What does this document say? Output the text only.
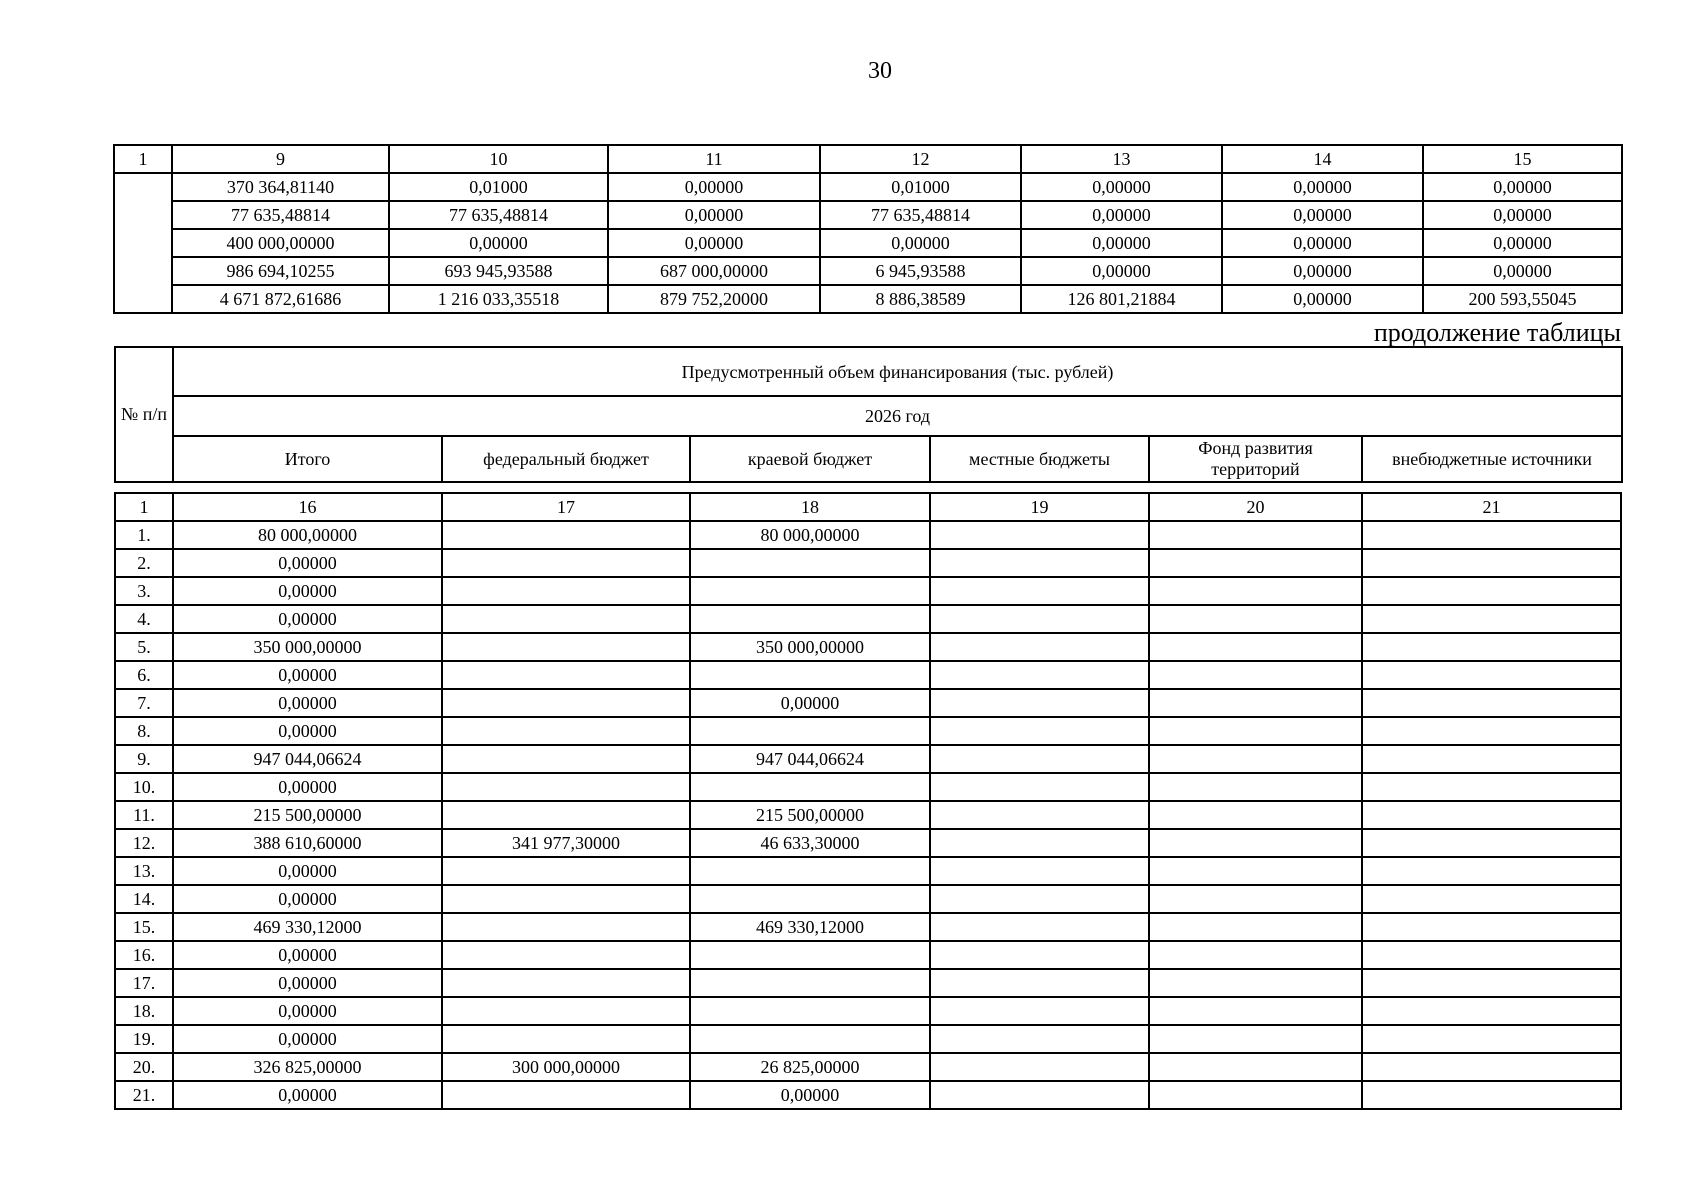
30
1	9	10	11	12	13	14	15
	370 364,81140	0,01000	0,00000	0,01000	0,00000	0,00000	0,00000
	77 635,48814	77 635,48814	0,00000	77 635,48814	0,00000	0,00000	0,00000
	400 000,00000	0,00000	0,00000	0,00000	0,00000	0,00000	0,00000
	986 694,10255	693 945,93588	687 000,00000	6 945,93588	0,00000	0,00000	0,00000
	4 671 872,61686	1 216 033,35518	879 752,20000	8 886,38589	126 801,21884	0,00000	200 593,55045
продолжение таблицы
№ п/п	Предусмотренный объем финансирования (тыс. рублей)					
	2026 год					
	Итого	федеральный бюджет	краевой бюджет	местные бюджеты	Фонд развития территорий	внебюджетные источники
1	16	17	18	19	20	21
1.	80 000,00000		80 000,00000			
2.	0,00000					
3.	0,00000					
4.	0,00000					
5.	350 000,00000		350 000,00000			
6.	0,00000					
7.	0,00000		0,00000			
8.	0,00000					
9.	947 044,06624		947 044,06624			
10.	0,00000					
11.	215 500,00000		215 500,00000			
12.	388 610,60000	341 977,30000	46 633,30000			
13.	0,00000					
14.	0,00000					
15.	469 330,12000		469 330,12000			
16.	0,00000					
17.	0,00000					
18.	0,00000					
19.	0,00000					
20.	326 825,00000	300 000,00000	26 825,00000			
21.	0,00000		0,00000			
